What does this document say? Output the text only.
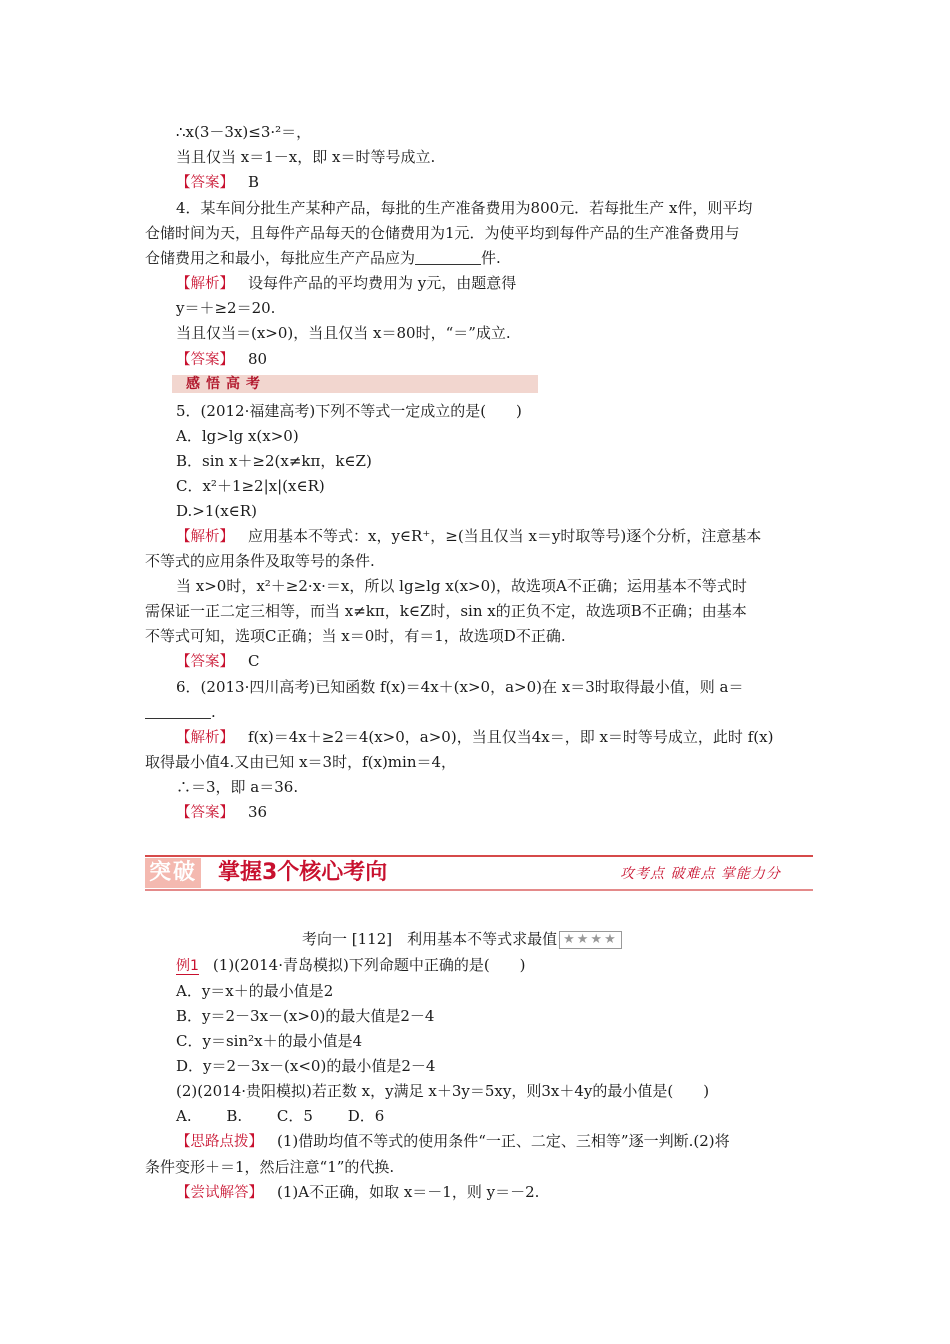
∴x(3－3x)≤3·²＝，
当且仅当 x＝1－x，即 x＝时等号成立.
【答案】 B
4．某车间分批生产某种产品，每批的生产准备费用为800元．若每批生产 x件，则平均
仓储时间为天，且每件产品每天的仓储费用为1元．为使平均到每件产品的生产准备费用与
仓储费用之和最小，每批应生产产品应为	件.
【解析】 设每件产品的平均费用为 y元，由题意得
y＝＋≥2＝20.
当且仅当＝(x>0)，当且仅当 x＝80时，“＝”成立.
【答案】 80
感悟高考
5．(2012·福建高考)下列不等式一定成立的是(　　)
A．lg>lg x(x>0)
B．sin x＋≥2(x≠kπ，k∈Z)
C．x²＋1≥2|x|(x∈R)
D.>1(x∈R)
【解析】 应用基本不等式：x，y∈R⁺，≥(当且仅当 x＝y时取等号)逐个分析，注意基本
不等式的应用条件及取等号的条件.
当 x>0时，x²＋≥2·x·＝x，所以 lg≥lg x(x>0)，故选项A不正确；运用基本不等式时
需保证一正二定三相等，而当 x≠kπ，k∈Z时，sin x的正负不定，故选项B不正确；由基本
不等式可知，选项C正确；当 x＝0时，有＝1，故选项D不正确.
【答案】 C
6．(2013·四川高考)已知函数 f(x)＝4x＋(x>0，a>0)在 x＝3时取得最小值，则 a＝
.
【解析】 f(x)＝4x＋≥2＝4(x>0，a>0)，当且仅当4x＝，即 x＝时等号成立，此时 f(x)
取得最小值4.又由已知 x＝3时，f(x)min＝4，
∴＝3，即 a＝36.
【答案】 36
突破 掌握3个核心考向	攻考点 破难点 掌能力分
考向一 [112]　利用基本不等式求最值 ★★★★
例1 (1)(2014·青岛模拟)下列命题中正确的是(　　)
A．y＝x＋的最小值是2
B．y＝2－3x－(x>0)的最大值是2－4
C．y＝sin²x＋的最小值是4
D．y＝2－3x－(x<0)的最小值是2－4
(2)(2014·贵阳模拟)若正数 x，y满足 x＋3y＝5xy，则3x＋4y的最小值是(　　)
A.　　 B.　　 C．5　　 D．6
【思路点拨】 (1)借助均值不等式的使用条件“一正、二定、三相等”逐一判断.(2)将
条件变形＋＝1，然后注意“1”的代换.
【尝试解答】 (1)A不正确，如取 x＝－1，则 y＝－2.
